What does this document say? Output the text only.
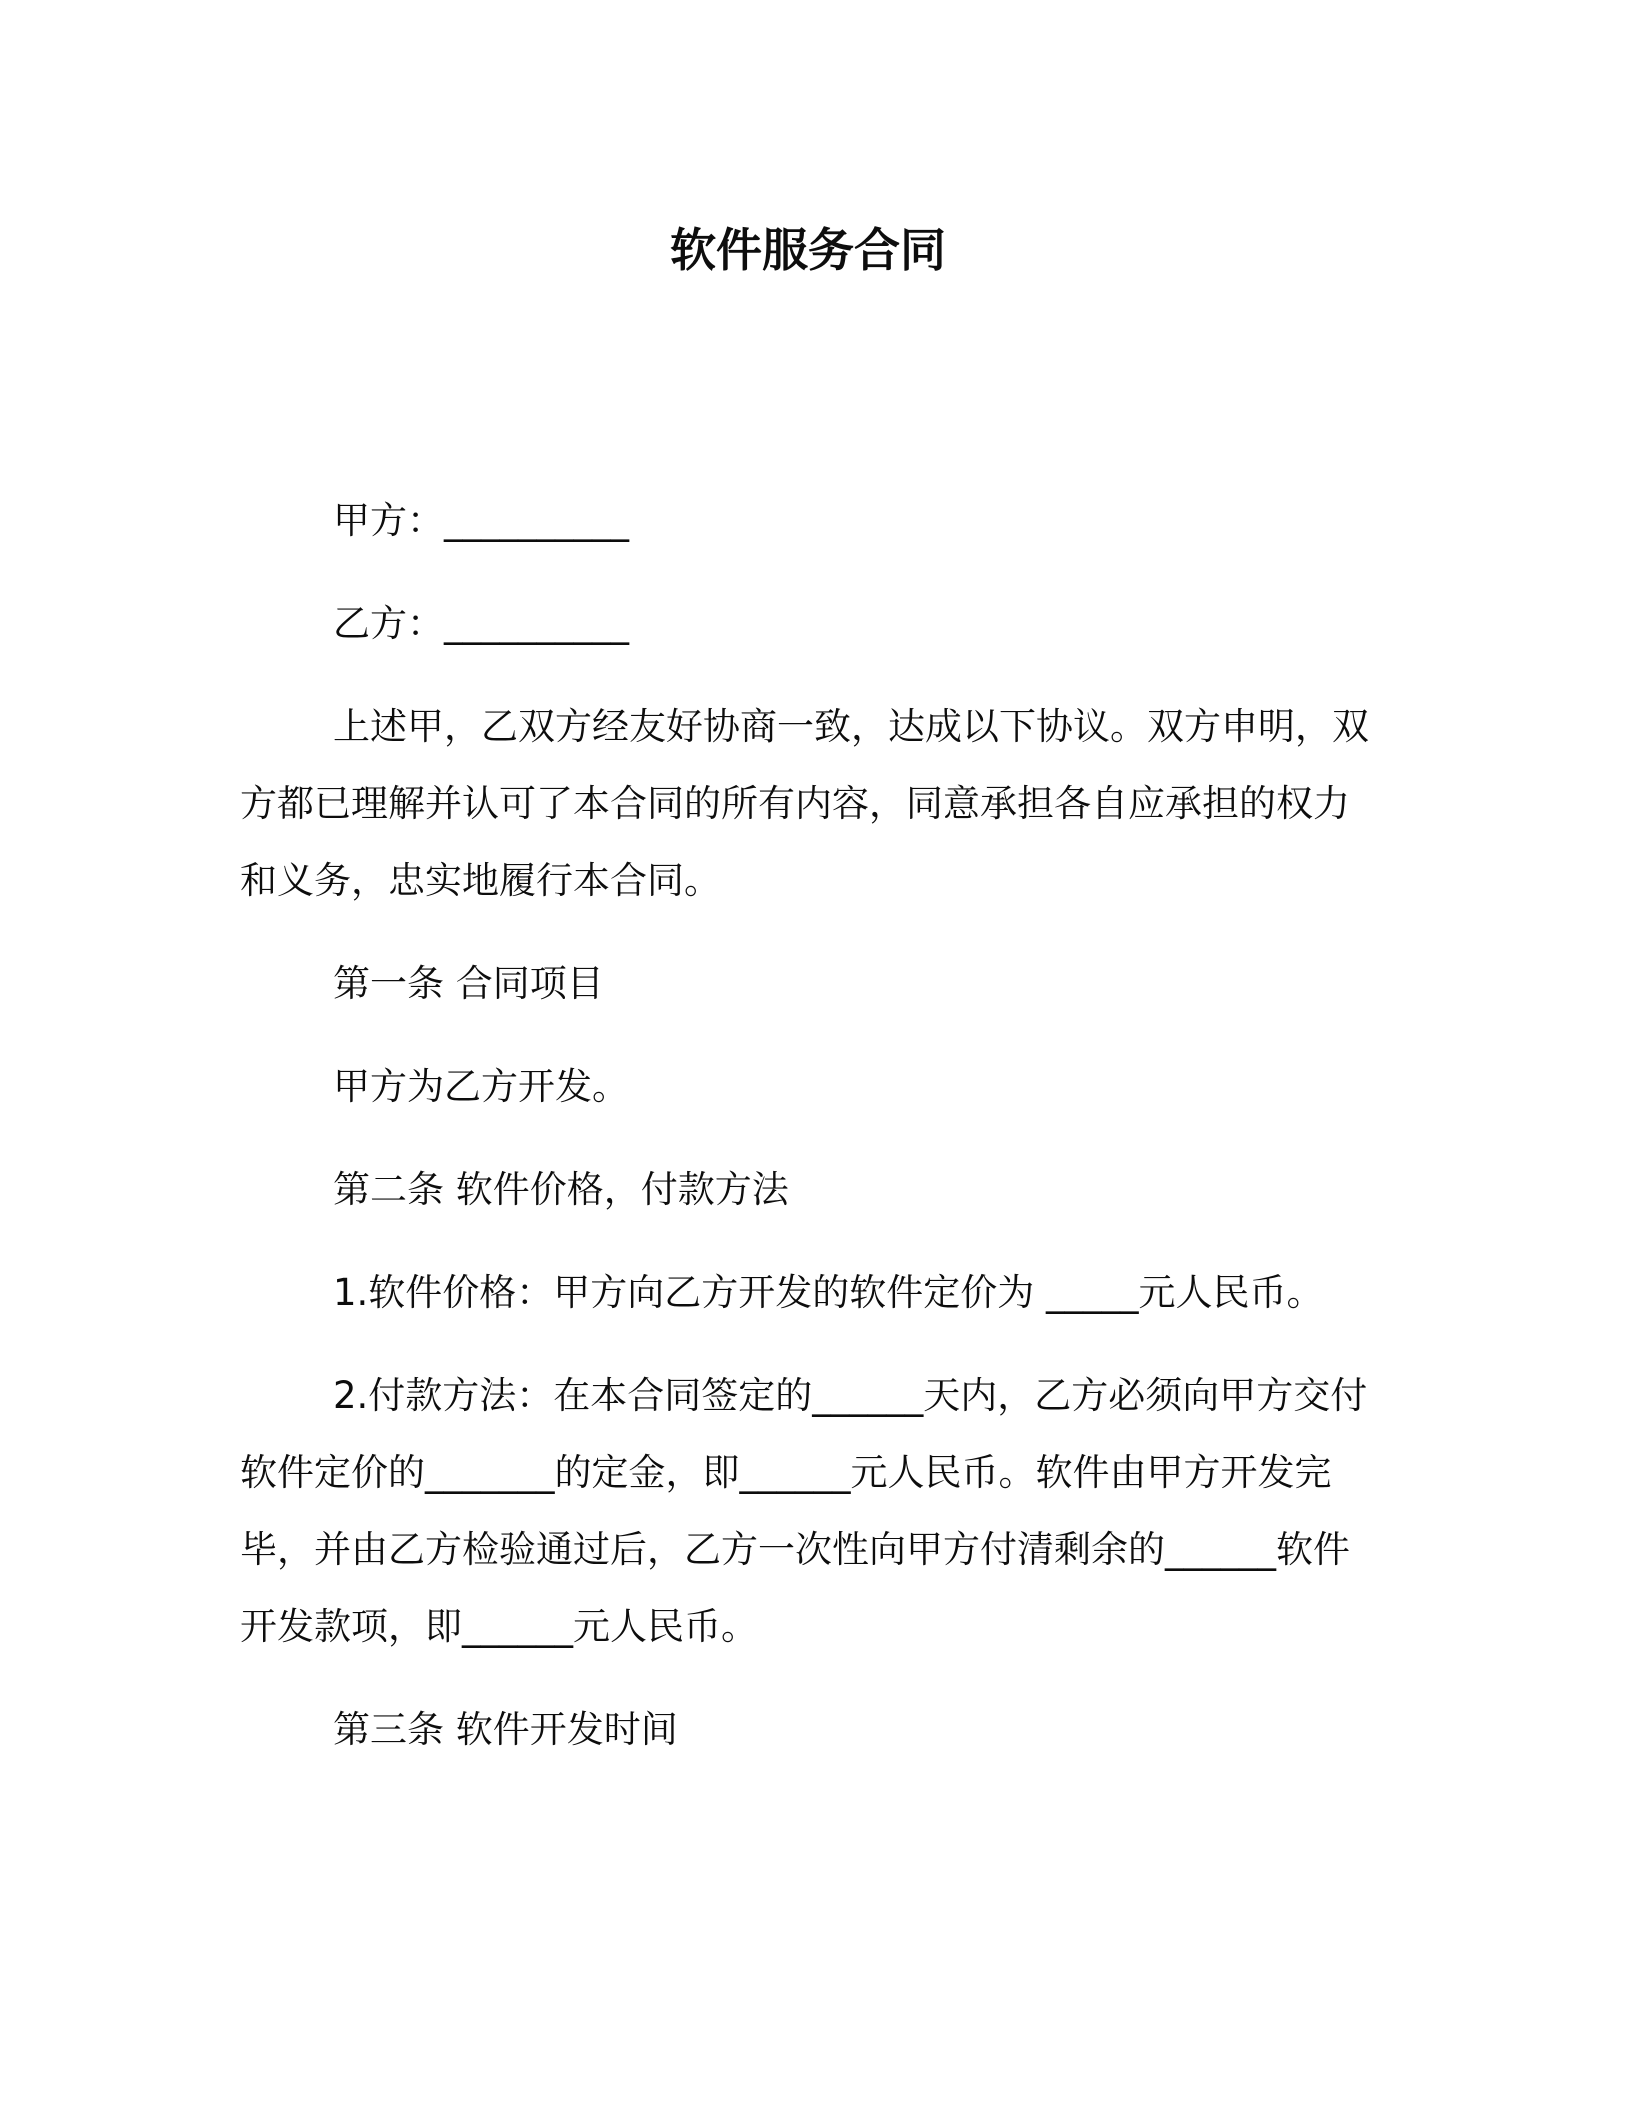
软件服务合同
甲方：__________
乙方：__________
上述甲，乙双方经友好协商一致，达成以下协议。双方申明，双
方都已理解并认可了本合同的所有内容，同意承担各自应承担的权力
和义务，忠实地履行本合同。
第一条 合同项目
甲方为乙方开发。
第二条 软件价格，付款方法
1.软件价格：甲方向乙方开发的软件定价为 _____元人民币。
2.付款方法：在本合同签定的______天内，乙方必须向甲方交付
软件定价的_______的定金，即______元人民币。软件由甲方开发完
毕，并由乙方检验通过后，乙方一次性向甲方付清剩余的______软件
开发款项，即______元人民币。
第三条 软件开发时间
